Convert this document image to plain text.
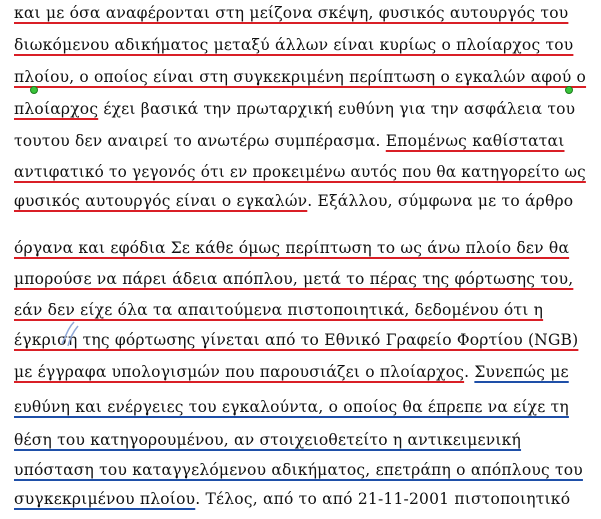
και με όσα αναφέρονται στη μείζονα σκέψη, φυσικός αυτουργός του
διωκόμενου αδικήματος μεταξύ άλλων είναι κυρίως ο πλοίαρχος του
πλοίου, ο οποίος είναι στη συγκεκριμένη περίπτωση ο εγκαλών αφού ο
πλοίαρχος έχει βασικά την πρωταρχική ευθύνη για την ασφάλεια του
τουτου δεν αναιρεί το ανωτέρω συμπέρασμα. Επομένως καθίσταται
αντιφατικό το γεγονός ότι εν προκειμένω αυτός που θα κατηγορείτο ως
φυσικός αυτουργός είναι ο εγκαλών . Εξάλλου, σύμφωνα με το άρθρο
όργανα και εφόδια Σε κάθε όμως περίπτωση το ως άνω πλοίο δεν θα
μπορούσε να πάρει άδεια απόπλου, μετά το πέρας της φόρτωσης του,
εάν δεν είχε όλα τα απαιτούμενα πιστοποιητικά, δεδομένου ότι η
έγκριση της φόρτωσης γίνεται από το Εθνικό Γραφείο Φορτίου (NGB)
με έγγραφα υπολογισμών που παρουσιάζει ο πλοίαρχος . Συνεπώς με
ευθύνη και ενέργειες του εγκαλούντα, ο οποίος θα έπρεπε να είχε τη
θέση του κατηγορουμένου, αν στοιχειοθετείτο η αντικειμενική
υπόσταση του καταγγελόμενου αδικήματος, επετράπη ο απόπλους του
συγκεκριμένου πλοίου . Τέλος, από το από 21-11-2001 πιστοποιητικό
